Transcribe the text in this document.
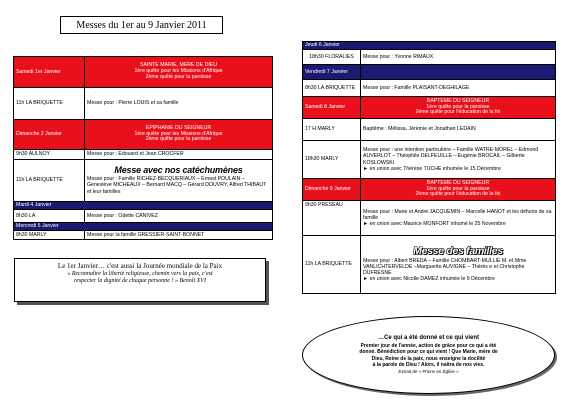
Messes du 1er au 9 Janvier 2011
Samedi 1er Janvier	SAINTE MARIE, MERE DE DIEU
1ère quête pour les Missions d'Afrique
2ème quête pour la paroisse
11h LA BRIQUETTE	Messe pour : Pierre LOUIS et sa famille
Dimanche 2 Janvier	EPIPHANIE DU SEIGNEUR
1ère quête pour les Missions d'Afrique
2ème quête pour la paroisse
9h30 AULNOY	Messe pour : Edouard et Jean CROCFER
11h LA BRIQUETTE	Messe avec nos catéchumènes
Messe pour : Famille RICHEZ-BECQUERIAUX – Ernest POULAIN – Geneviève MICHEAUX – Bernard MACQ – Gérard DOUVRY, Alfred THIBAUT et leur familles
Mardi 4 Janvier	
8h30 LA	Messe pour : Odette CANIVEZ
Mercredi 5 Janvier	
8h30 MARLY	Messe pour la famille GRESSIER-SAINT-BONNET
Jeudi 6 Janvier	
18h30 FLORALIES	Messe pour : Yvonne RIMAUX
Vendredi 7 Janvier	
8h30 LA BRIQUETTE	Messe pour : Famille PLAISANT-DEGHILAGE
Samedi 8 Janvier	BAPTEME DU SEIGNEUR
1ère quête pour la paroisse
2ème quête pour l'éducation de la foi
17 H MARLY	Baptême : Mélissa, Jérémie et Jonathan LEDAIN
18h30 MARLY	Messe pour : une intention particulière – Famille WATRE-MOREL – Edmond AUVERLOT – Théophile DELFEUILLE – Eugénie BROCAIL – Gilberte KOSLOWSKI
► en union avec Thérèse TUCHE inhumée le 15 Décembre
Dimanche 9 Janvier	BAPTEME DU SEIGNEUR
1ère quête pour la paroisse
2ème quête pour l'éducation de la foi
9h30 PRESEAU	Messe pour : Marie et André JACQUEMIN – Marcelle HANOT et les défunts de sa famille
► en union avec Maurice MONFORT inhumé le 25 Novembre
11h LA BRIQUETTE	Messe des familles
Messe pour : Albert BREDA – Famille CHOMBART-MULLIE M. et Mme VANLICHTERVELDE –Marguerite AUVIGNE – Thérès e et Christophe DUFRESNE
► en union avec Nicolle DAMEZ inhumée le 9 Décembre
Le 1er Janvier… c'est aussi la Journée mondiale de la Paix
« Reconnaître la liberté religieuse, chemin vers la paix, c'est
respecter la dignité de chaque personne ! » Benoît XVI
…Ce qui a été donné et ce qui vient
Premier jour de l'année, action de grâce pour ce qui a été
donné. Bénédiction pour ce qui vient ! Que Marie, mère de
Dieu, Reine de la paix, nous enseigne la docilité
à la parole de Dieu ! Alors, il naîtra de nos vies.
Extrait de « Prions en Église »
